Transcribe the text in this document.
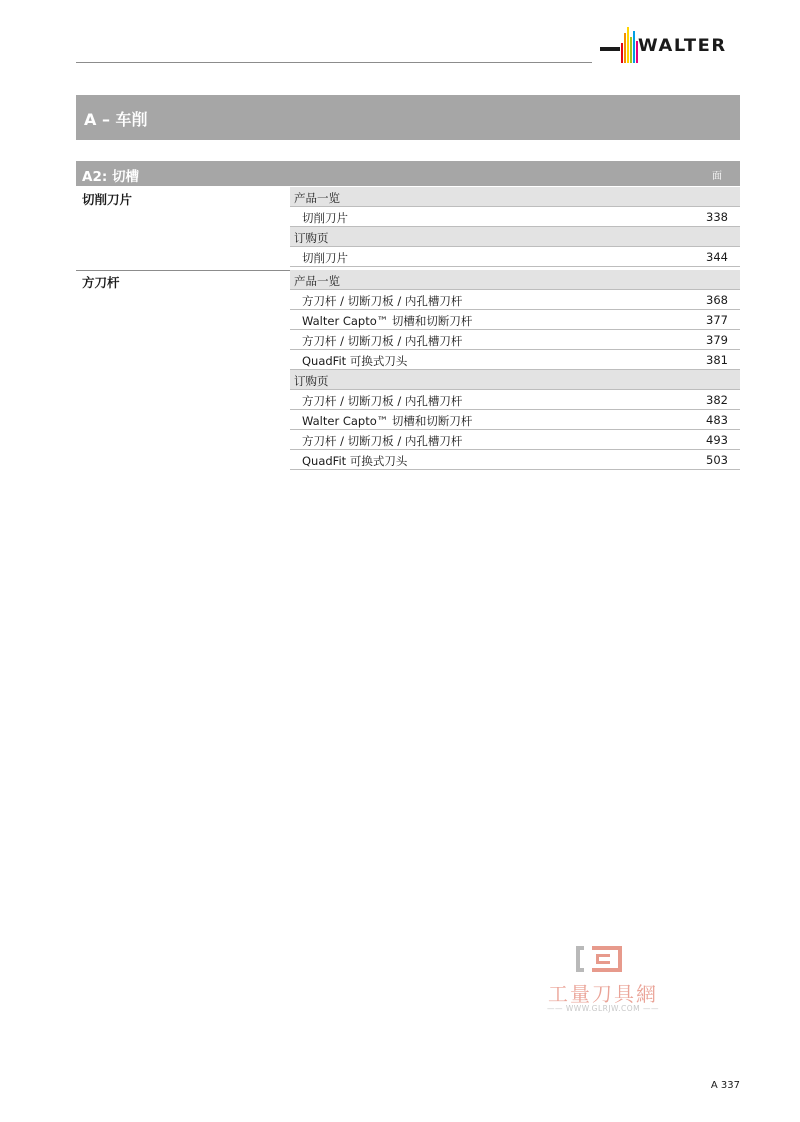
WALTER
A – 车削
A2: 切槽	面
切削刀片	产品一览
切削刀片	338
订购页
切削刀片	344
方刀杆	产品一览
方刀杆 / 切断刀板 / 内孔槽刀杆	368
Walter Capto™ 切槽和切断刀杆	377
方刀杆 / 切断刀板 / 内孔槽刀杆	379
QuadFit 可换式刀头	381
订购页
方刀杆 / 切断刀板 / 内孔槽刀杆	382
Walter Capto™ 切槽和切断刀杆	483
方刀杆 / 切断刀板 / 内孔槽刀杆	493
QuadFit 可换式刀头	503
工量刀具網
—— WWW.GLRJW.COM ——
A 337
